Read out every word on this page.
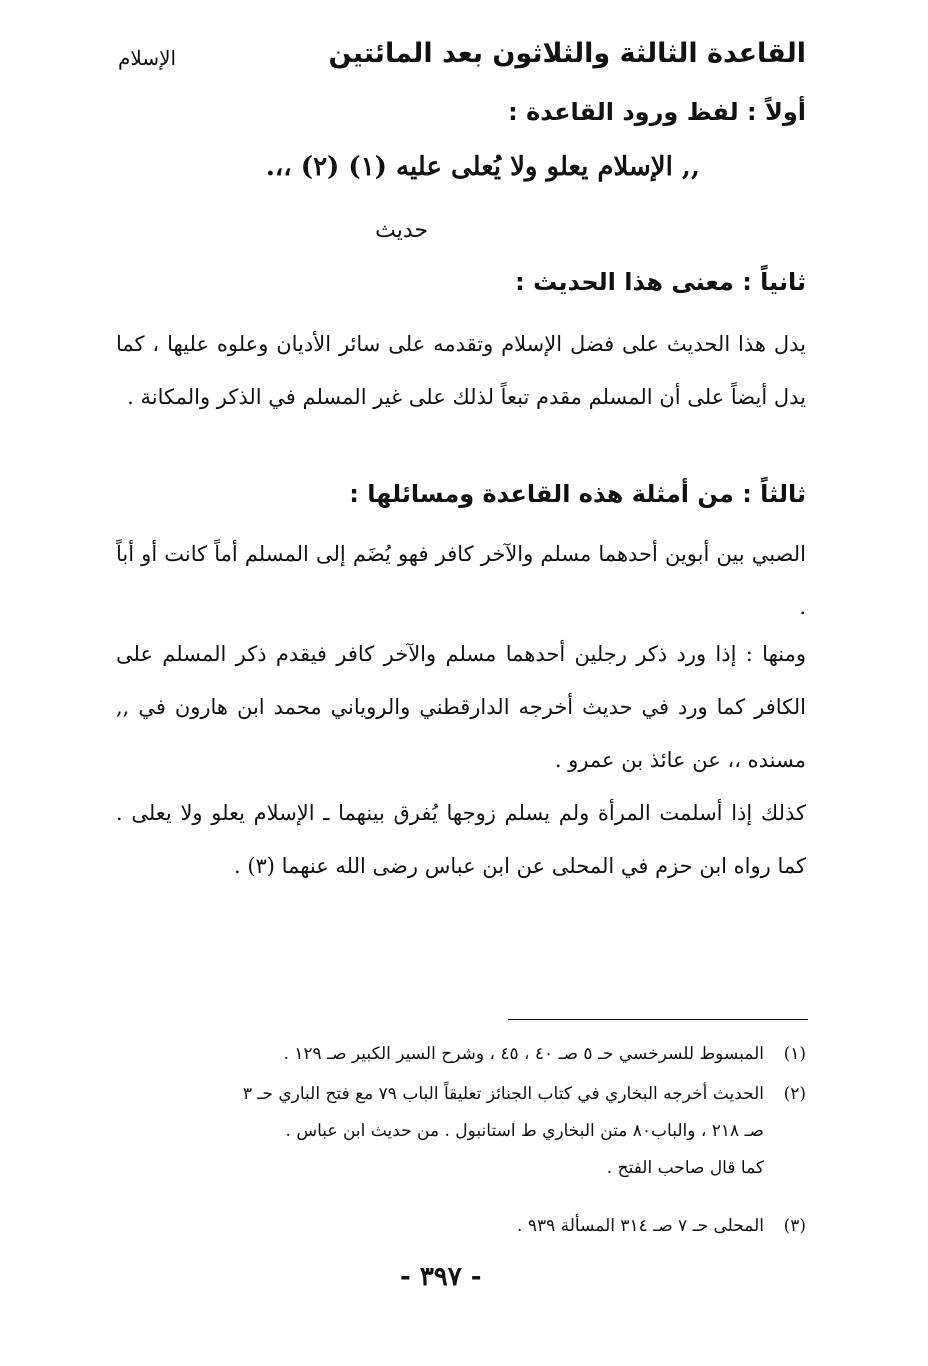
القاعدة الثالثة والثلاثون بعد المائتين
الإسلام
أولاً : لفظ ورود القاعدة :
,, الإسلام يعلو ولا يُعلى عليه (١) (٢) ،،.
حديث
ثانياً : معنى هذا الحديث :
يدل هذا الحديث على فضل الإسلام وتقدمه على سائر الأديان وعلوه عليها ، كما يدل أيضاً على أن المسلم مقدم تبعاً لذلك على غير المسلم في الذكر والمكانة .
ثالثاً : من أمثلة هذه القاعدة ومسائلها :
الصبي بين أبوين أحدهما مسلم والآخر كافر فهو يُضَم إلى المسلم أماً كانت أو أباً .
ومنها : إذا ورد ذكر رجلين أحدهما مسلم والآخر كافر فيقدم ذكر المسلم على الكافر كما ورد في حديث أخرجه الدارقطني والروياني محمد ابن هارون في ,, مسنده ،، عن عائذ بن عمرو .
كذلك إذا أسلمت المرأة ولم يسلم زوجها يُفرق بينهما ـ الإسلام يعلو ولا يعلى . كما رواه ابن حزم في المحلى عن ابن عباس رضى الله عنهما (٣) .
(١)المبسوط للسرخسي حـ ٥ صـ ٤٠ ، ٤٥ ، وشرح السير الكبير صـ ١٢٩ .
(٢)الحديث أخرجه البخاري في كتاب الجنائز تعليقاً الباب ٧٩ مع فتح الباري حـ ٣
صـ ٢١٨ ، والباب٨٠ متن البخاري ط استانبول . من حديث ابن عباس .
كما قال صاحب الفتح .
(٣)المحلى حـ ٧ صـ ٣١٤ المسألة ٩٣٩ .
- ٣٩٧ -
